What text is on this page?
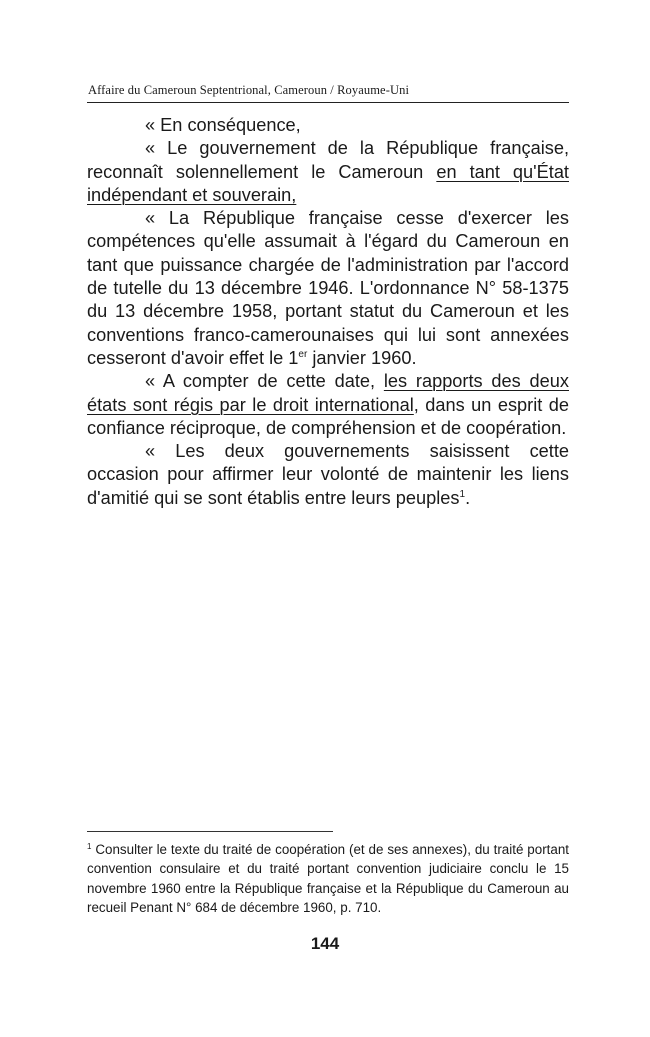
Affaire du Cameroun Septentrional, Cameroun / Royaume-Uni

« En conséquence,

« Le gouvernement de la République française, reconnaît solennellement le Cameroun en tant qu'État indépendant et souverain,

« La République française cesse d'exercer les compétences qu'elle assumait à l'égard du Cameroun en tant que puissance chargée de l'administration par l'accord de tutelle du 13 décembre 1946. L'ordonnance N° 58-1375 du 13 décembre 1958, portant statut du Cameroun et les conventions franco-camerounaises qui lui sont annexées cesseront d'avoir effet le 1er janvier 1960.

« A compter de cette date, les rapports des deux états sont régis par le droit international, dans un esprit de confiance réciproque, de compréhension et de coopération.

« Les deux gouvernements saisissent cette occasion pour affirmer leur volonté de maintenir les liens d'amitié qui se sont établis entre leurs peuples$^1$.

$^1$ Consulter le texte du traité de coopération (et de ses annexes), du traité portant convention consulaire et du traité portant convention judiciaire conclu le 15 novembre 1960 entre la République française et la République du Cameroun au recueil Penant N° 684 de décembre 1960, p. 710.
144
